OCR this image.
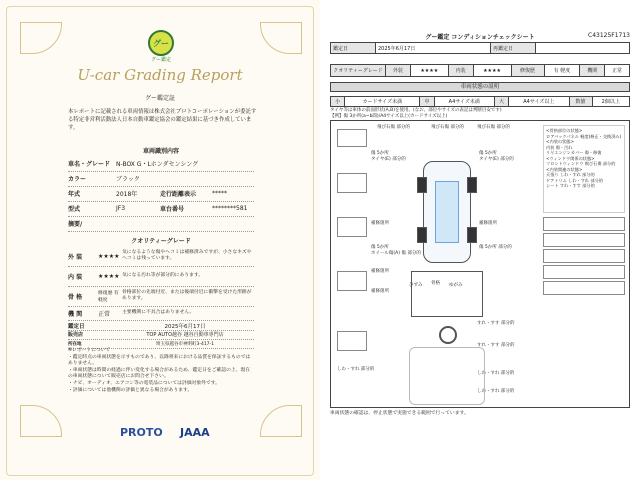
グー
グー鑑定
U-car Grading Report
グー鑑定証
本レポートに記載される車両情報は株式会社プロトコーポレーションが委託する特定非営利活動法人日本自動車鑑定協会の鑑定結果に基づき作成しています。
車両識別内容
車名・グレード N-BOX G・Lホンダセンシング
カラー	ブラック
年式	2018年	走行距離表示	*****
型式	JF3	車台番号	********581
摘要/
クオリティーグレード
外 装	★★★★ 気になるような傷やヘコミは補修済みですが、小さなキズやヘコミは残っています。
内 装	★★★★ 気になる汚れ等が部分的にあります。
骨 格	修復歴 有 軽度
骨格部位の先端付近、または後端付近に衝撃を受けた形跡があります。
機 関	正常	主要機関に不具合はありません。
鑑定日	2025年6月17日
販売店	TOP AUTO越谷 越谷自動車専門店
所在地	埼玉県越谷市神明町3-417-1
※レポートについて
・鑑定時点の車両状態を示すものであり、以降将来における品質を保証するものではありません。
・車両状態は時間の経過に伴い変化する場合があるため、鑑定日をご確認の上、現在の車両状態について販売店にお問合せ下さい。
・ナビ、オーディオ、エアコン等の電装品については評価対象外です。
・評価については他機関の評価と異なる場合があります。
PROTO JAAA
グー鑑定 コンディションチェックシート	C43125F1713
鑑定日	2025年6月17日	再鑑定日	
クオリティーグレード	外装	★★★★	内装	★★★★	修復歴	有 軽度	機関	正常
車両状態の説明
小	カードサイズ未満	中	A4サイズ未満	大	A4サイズ以上	数値	2個以上
タイヤ等は車体の前面形状(A,B)を使用。(なお、部位やサイズの表記は判断目安です)
【例】傷 3か所(a~b間)/A4サイズ以上(カードサイズ以上)
飛び石傷 部分的	飛び石傷 部分的	飛び石傷 部分的
傷 5か所
タイヤ(E) 部分的
傷 5か所
タイヤ(E) 部分的
補修箇所	補修箇所
傷 5か所
ホイール傷(A) 傷 部分的
傷 5か所 部分的
補修箇所
骨格
補修箇所
ひずみ	ゆがみ
すれ・すす 部分的
すれ・すす 部分的
しわ・すれ 部分的
しわ・すれ 部分的
しわ・すれ 部分的
<骨格部位の状態>
ロアバックパネル 軽度(修正・交換済み)
<内装の状態>
内装 傷・汚れ
リヤエンジンカバー 傷・修復
<ウィンドウ関係の状態>
フロントウィンドウ 飛び石傷 部分的
<内装関連の状態>
天張り しわ・すれ 部分的
ドアトリム しわ・すれ 部分的
シート すれ・すす 部分的
車両状態の確認は、停止状態で実施できる範囲で行っています。
